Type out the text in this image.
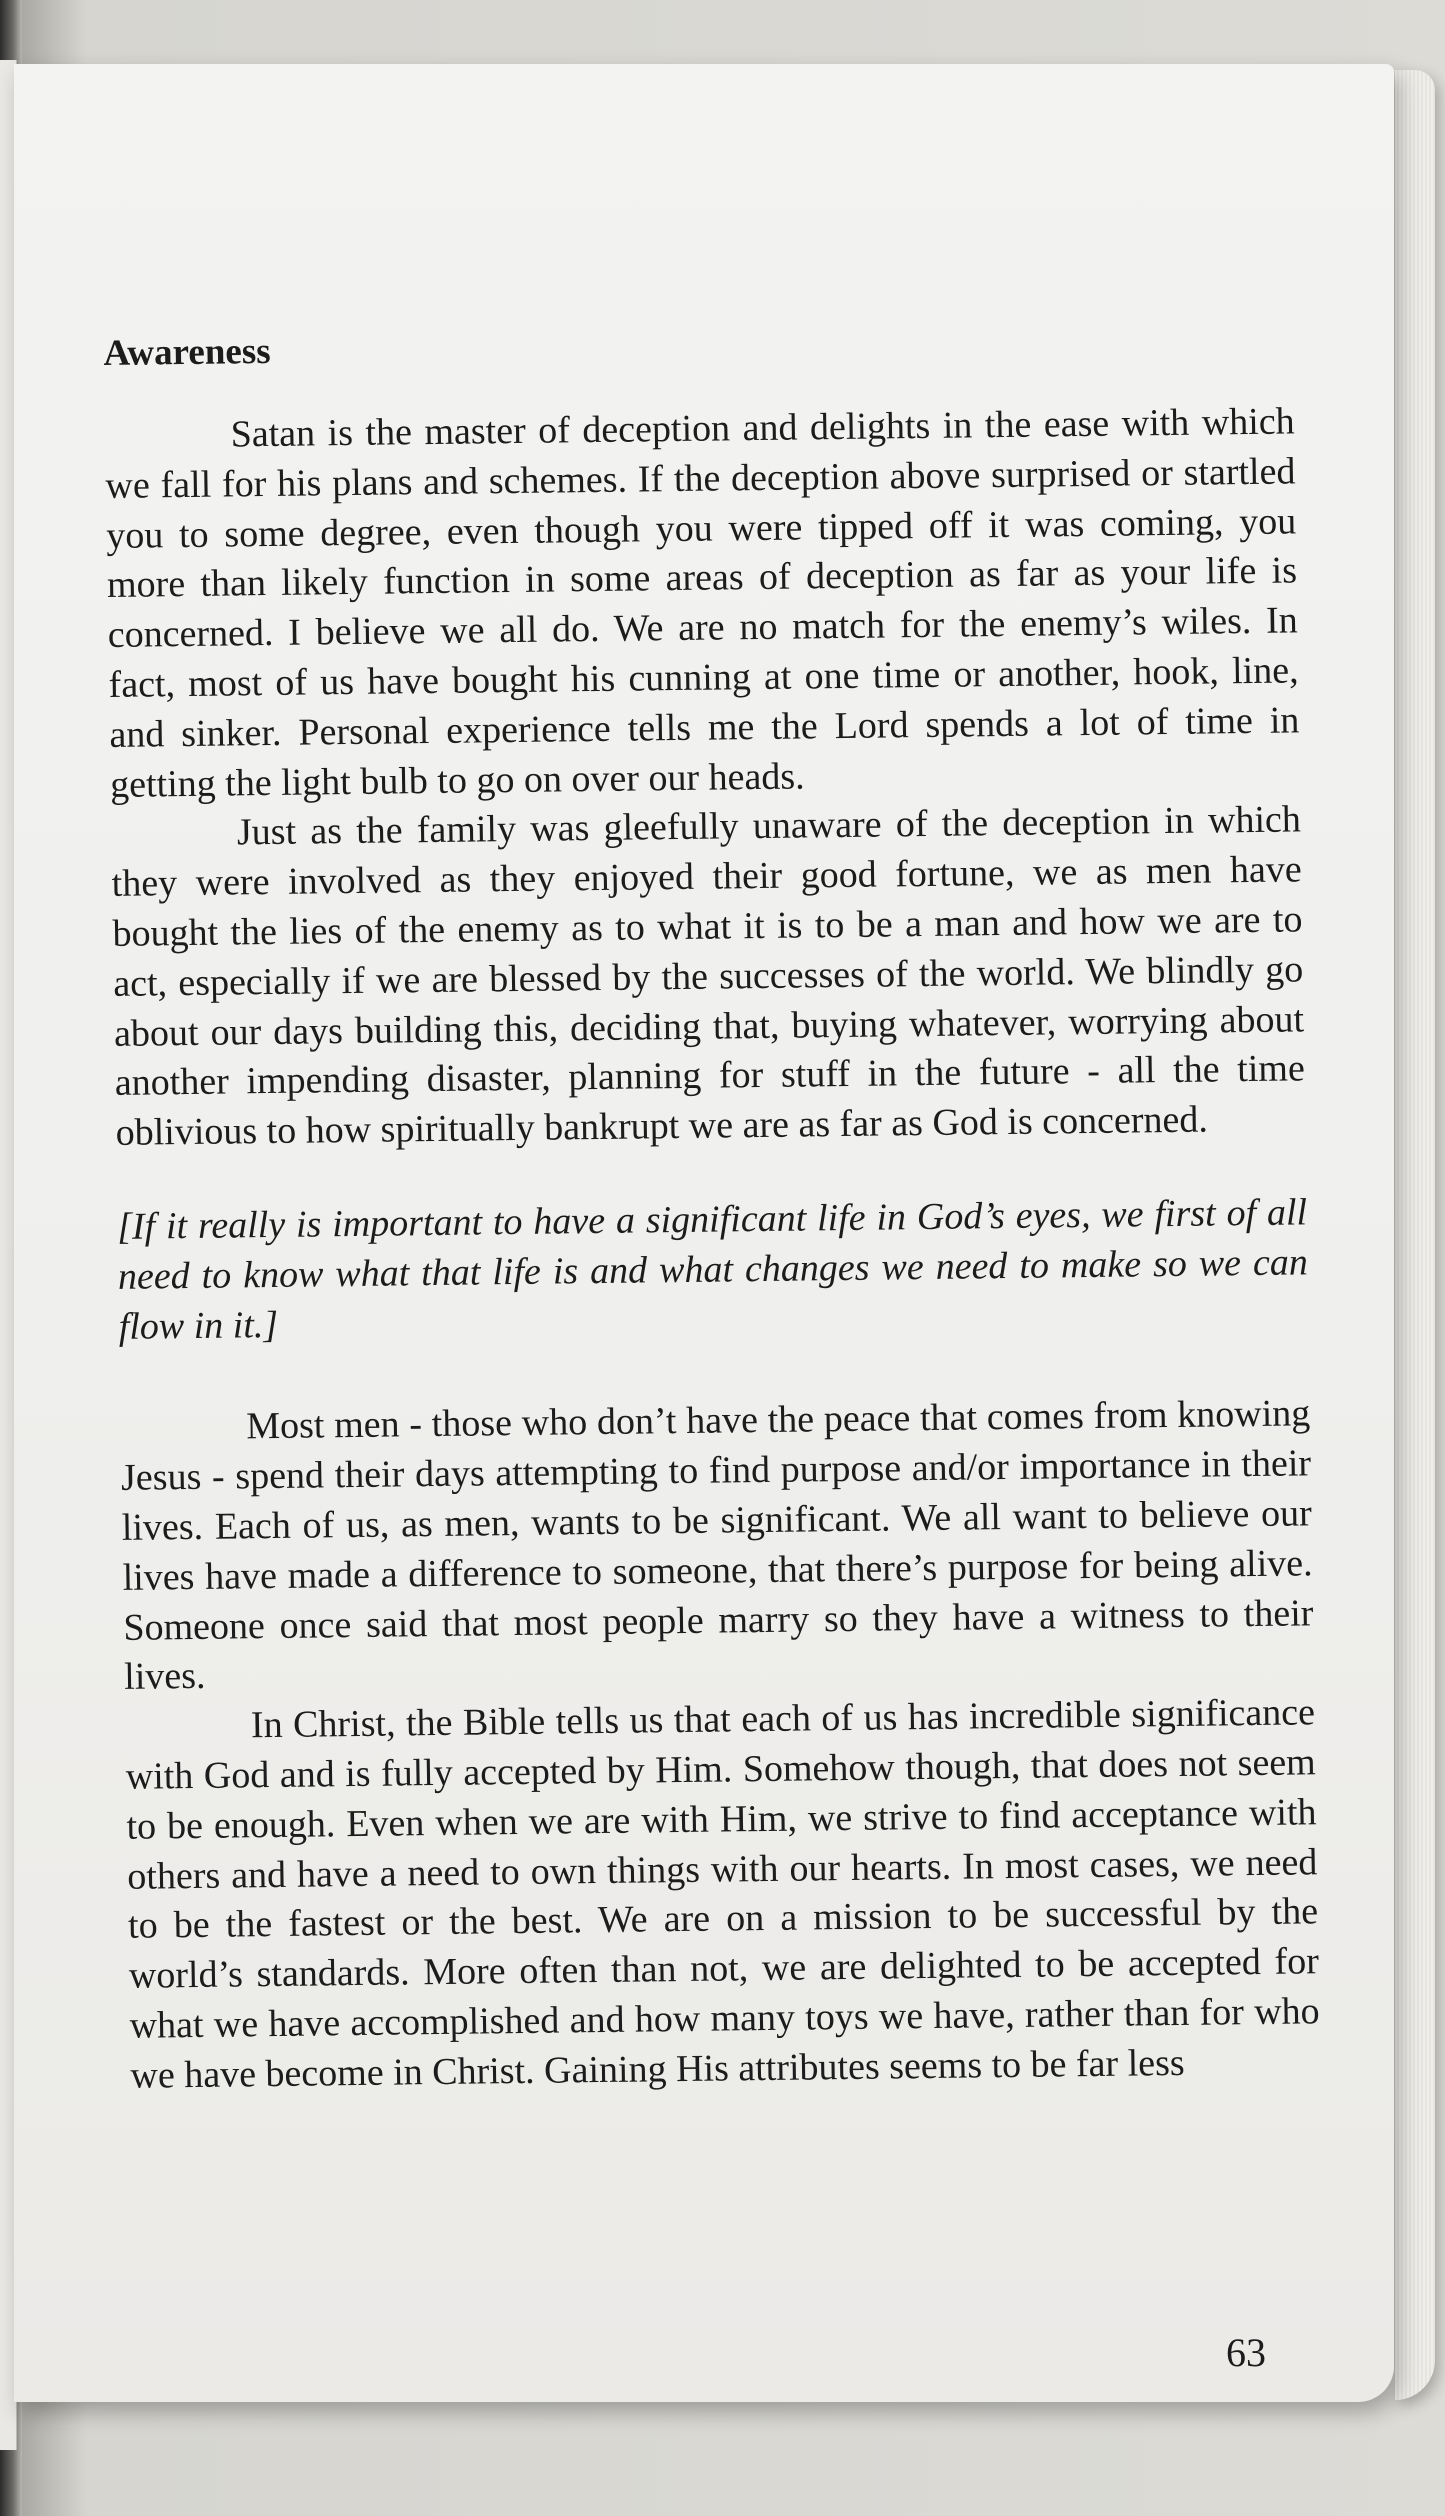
Awareness

Satan is the master of deception and delights in the ease with which we fall for his plans and schemes. If the deception above surprised or startled you to some degree, even though you were tipped off it was coming, you more than likely function in some areas of deception as far as your life is concerned. I believe we all do. We are no match for the enemy’s wiles. In fact, most of us have bought his cunning at one time or another, hook, line, and sinker. Personal experience tells me the Lord spends a lot of time in getting the light bulb to go on over our heads.

Just as the family was gleefully unaware of the deception in which they were involved as they enjoyed their good fortune, we as men have bought the lies of the enemy as to what it is to be a man and how we are to act, especially if we are blessed by the successes of the world. We blindly go about our days building this, deciding that, buying whatever, worrying about another impending disaster, planning for stuff in the future - all the time oblivious to how spiritually bankrupt we are as far as God is concerned.

[If it really is important to have a significant life in God’s eyes, we first of all need to know what that life is and what changes we need to make so we can flow in it.]

Most men - those who don’t have the peace that comes from knowing Jesus - spend their days attempting to find purpose and/or importance in their lives. Each of us, as men, wants to be significant. We all want to believe our lives have made a difference to someone, that there’s purpose for being alive. Someone once said that most people marry so they have a witness to their lives.

In Christ, the Bible tells us that each of us has incredible significance with God and is fully accepted by Him. Somehow though, that does not seem to be enough. Even when we are with Him, we strive to find acceptance with others and have a need to own things with our hearts. In most cases, we need to be the fastest or the best. We are on a mission to be successful by the world’s standards. More often than not, we are delighted to be accepted for what we have accomplished and how many toys we have, rather than for who we have become in Christ. Gaining His attributes seems to be far less

63
